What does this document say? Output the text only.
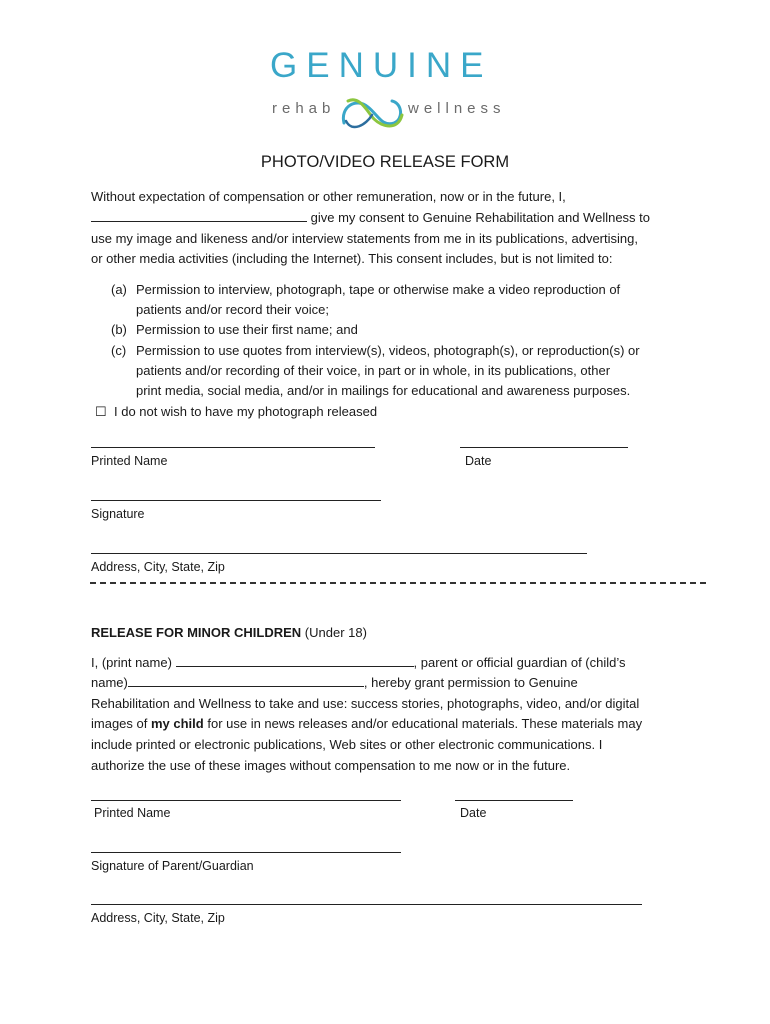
GENUINE
rehab	wellness
PHOTO/VIDEO RELEASE FORM
Without expectation of compensation or other remuneration, now or in the future, I,
give my consent to Genuine Rehabilitation and Wellness to
use my image and likeness and/or interview statements from me in its publications, advertising,
or other media activities (including the Internet). This consent includes, but is not limited to:
(a) Permission to interview, photograph, tape or otherwise make a video reproduction of
patients and/or record their voice;
(b) Permission to use their first name; and
(c) Permission to use quotes from interview(s), videos, photograph(s), or reproduction(s) or
patients and/or recording of their voice, in part or in whole, in its publications, other
print media, social media, and/or in mailings for educational and awareness purposes.
☐ I do not wish to have my photograph released
Printed Name	Date
Signature
Address, City, State, Zip
RELEASE FOR MINOR CHILDREN (Under 18)
I, (print name)	, parent or official guardian of (child’s
name)	, hereby grant permission to Genuine
Rehabilitation and Wellness to take and use: success stories, photographs, video, and/or digital
images of my child for use in news releases and/or educational materials. These materials may
include printed or electronic publications, Web sites or other electronic communications. I
authorize the use of these images without compensation to me now or in the future.
Printed Name	Date
Signature of Parent/Guardian
Address, City, State, Zip
